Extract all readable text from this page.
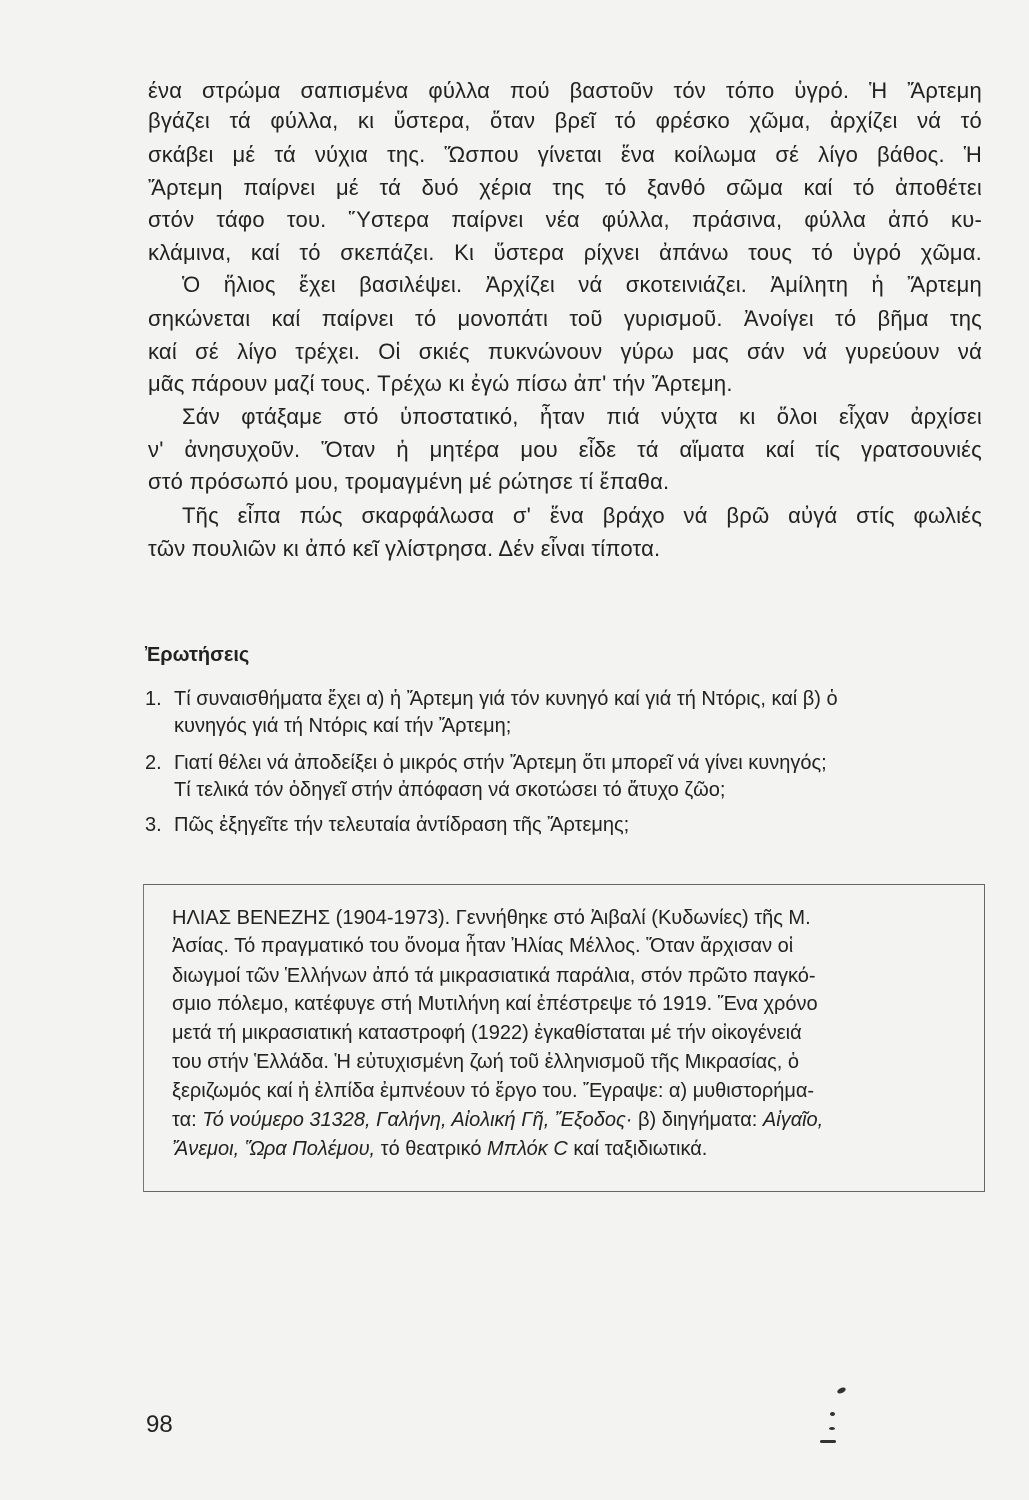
ένα στρώμα σαπισμένα φύλλα πού βαστοῦν τόν τόπο ὑγρό. Ἡ Ἄρτεμη
βγάζει τά φύλλα, κι ὕστερα, ὅταν βρεῖ τό φρέσκο χῶμα, ἀρχίζει νά τό
σκάβει μέ τά νύχια της. Ὥσπου γίνεται ἕνα κοίλωμα σέ λίγο βάθος. Ἡ
Ἄρτεμη παίρνει μέ τά δυό χέρια της τό ξανθό σῶμα καί τό ἀποθέτει
στόν τάφο του. Ὕστερα παίρνει νέα φύλλα, πράσινα, φύλλα ἀπό κυ-
κλάμινα, καί τό σκεπάζει. Κι ὕστερα ρίχνει ἀπάνω τους τό ὑγρό χῶμα.
Ὁ ἥλιος ἔχει βασιλέψει. Ἀρχίζει νά σκοτεινιάζει. Ἀμίλητη ἡ Ἄρτεμη
σηκώνεται καί παίρνει τό μονοπάτι τοῦ γυρισμοῦ. Ἀνοίγει τό βῆμα της
καί σέ λίγο τρέχει. Οἱ σκιές πυκνώνουν γύρω μας σάν νά γυρεύουν νά
μᾶς πάρουν μαζί τους. Τρέχω κι ἐγώ πίσω ἀπ' τήν Ἄρτεμη.
Σάν φτάξαμε στό ὑποστατικό, ἦταν πιά νύχτα κι ὅλοι εἶχαν ἀρχίσει
ν' ἀνησυχοῦν. Ὅταν ἡ μητέρα μου εἶδε τά αἵματα καί τίς γρατσουνιές
στό πρόσωπό μου, τρομαγμένη μέ ρώτησε τί ἔπαθα.
Τῆς εἶπα πώς σκαρφάλωσα σ' ἕνα βράχο νά βρῶ αὐγά στίς φωλιές
τῶν πουλιῶν κι ἀπό κεῖ γλίστρησα. Δέν εἶναι τίποτα.
Ἐρωτήσεις
1. Τί συναισθήματα ἔχει α) ἡ Ἄρτεμη γιά τόν κυνηγό καί γιά τή Ντόρις, καί β) ὁ
κυνηγός γιά τή Ντόρις καί τήν Ἄρτεμη;
2. Γιατί θέλει νά ἀποδείξει ὁ μικρός στήν Ἄρτεμη ὅτι μπορεῖ νά γίνει κυνηγός;
Τί τελικά τόν ὁδηγεῖ στήν ἀπόφαση νά σκοτώσει τό ἄτυχο ζῶο;
3. Πῶς ἐξηγεῖτε τήν τελευταία ἀντίδραση τῆς Ἄρτεμης;
ΗΛΙΑΣ ΒΕΝΕΖΗΣ (1904-1973). Γεννήθηκε στό Ἀιβαλί (Κυδωνίες) τῆς Μ.
Ἀσίας. Τό πραγματικό του ὄνομα ἦταν Ἠλίας Μέλλος. Ὅταν ἄρχισαν οἱ
διωγμοί τῶν Ἑλλήνων ἀπό τά μικρασιατικά παράλια, στόν πρῶτο παγκό-
σμιο πόλεμο, κατέφυγε στή Μυτιλήνη καί ἐπέστρεψε τό 1919. Ἕνα χρόνο
μετά τή μικρασιατική καταστροφή (1922) ἐγκαθίσταται μέ τήν οἰκογένειά
του στήν Ἑλλάδα. Ἡ εὐτυχισμένη ζωή τοῦ ἑλληνισμοῦ τῆς Μικρασίας, ὁ
ξεριζωμός καί ἡ ἐλπίδα ἐμπνέουν τό ἔργο του. Ἔγραψε: α) μυθιστορήμα-
τα: Τό νούμερο 31328, Γαλήνη, Αἰολική Γῆ, Ἔξοδος· β) διηγήματα: Αἰγαῖο,
Ἄνεμοι, Ὥρα Πολέμου, τό θεατρικό Μπλόκ C καί ταξιδιωτικά.
98
